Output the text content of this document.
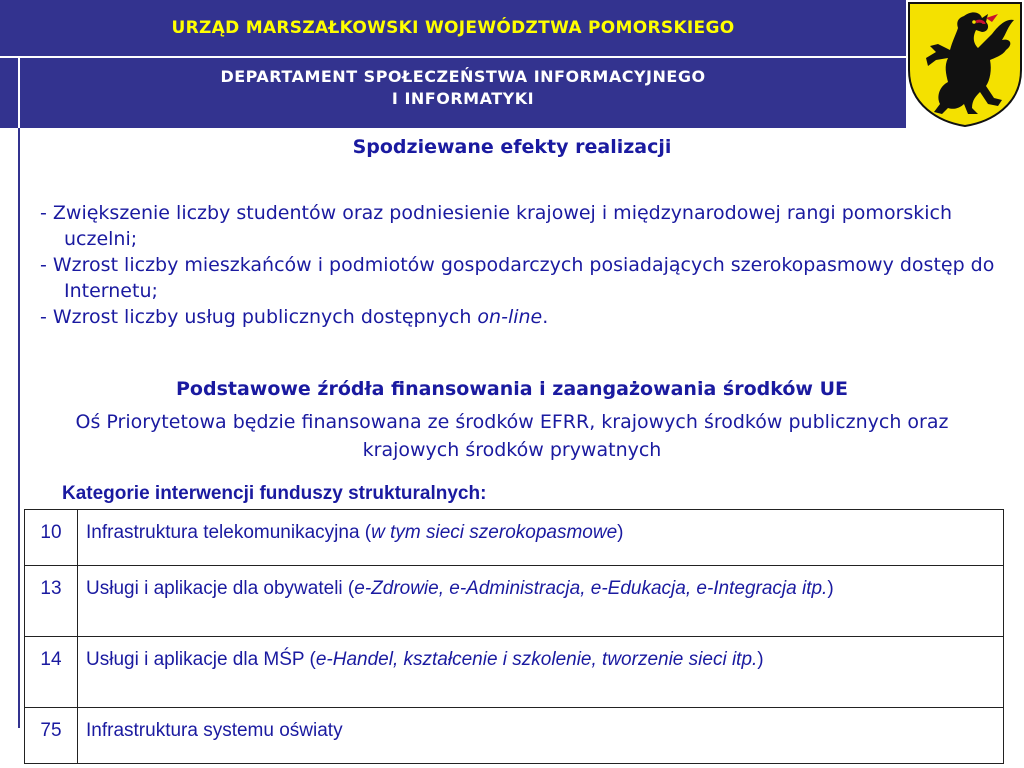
URZĄD MARSZAŁKOWSKI WOJEWÓDZTWA POMORSKIEGO
DEPARTAMENT SPOŁECZEŃSTWA INFORMACYJNEGO
I INFORMATYKI
Spodziewane efekty realizacji
- Zwiększenie liczby studentów oraz podniesienie krajowej i międzynarodowej rangi pomorskich uczelni;
- Wzrost liczby mieszkańców i podmiotów gospodarczych posiadających szerokopasmowy dostęp do Internetu;
- Wzrost liczby usług publicznych dostępnych on-line.
Podstawowe źródła finansowania i zaangażowania środków UE
Oś Priorytetowa będzie finansowana ze środków EFRR, krajowych środków publicznych oraz krajowych środków prywatnych
Kategorie interwencji funduszy strukturalnych:
10	Infrastruktura telekomunikacyjna (w tym sieci szerokopasmowe)
13	Usługi i aplikacje dla obywateli (e-Zdrowie, e-Administracja, e-Edukacja, e-Integracja itp.)
14	Usługi i aplikacje dla MŚP (e-Handel, kształcenie i szkolenie, tworzenie sieci itp.)
75	Infrastruktura systemu oświaty
